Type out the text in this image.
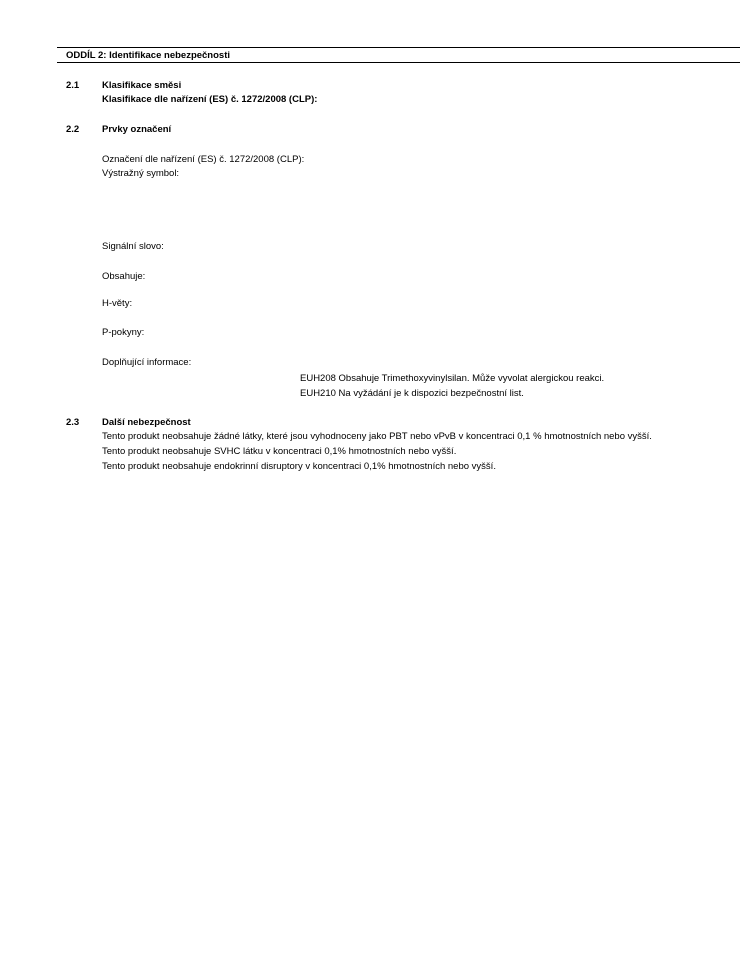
ODDÍL 2: Identifikace nebezpečnosti
2.1 Klasifikace směsi
Klasifikace dle nařízení (ES) č. 1272/2008 (CLP):
2.2 Prvky označení
Označení dle nařízení (ES) č. 1272/2008 (CLP):
Výstražný symbol:
Signální slovo:
Obsahuje:
H-věty:
P-pokyny:
Doplňující informace:
EUH208 Obsahuje Trimethoxyvinylsilan. Může vyvolat alergickou reakci.
EUH210 Na vyžádání je k dispozici bezpečnostní list.
2.3 Další nebezpečnost
Tento produkt neobsahuje žádné látky, které jsou vyhodnoceny jako PBT nebo vPvB v koncentraci 0,1 % hmotnostních nebo vyšší.
Tento produkt neobsahuje SVHC látku v koncentraci 0,1% hmotnostních nebo vyšší.
Tento produkt neobsahuje endokrinní disruptory v koncentraci 0,1% hmotnostních nebo vyšší.
